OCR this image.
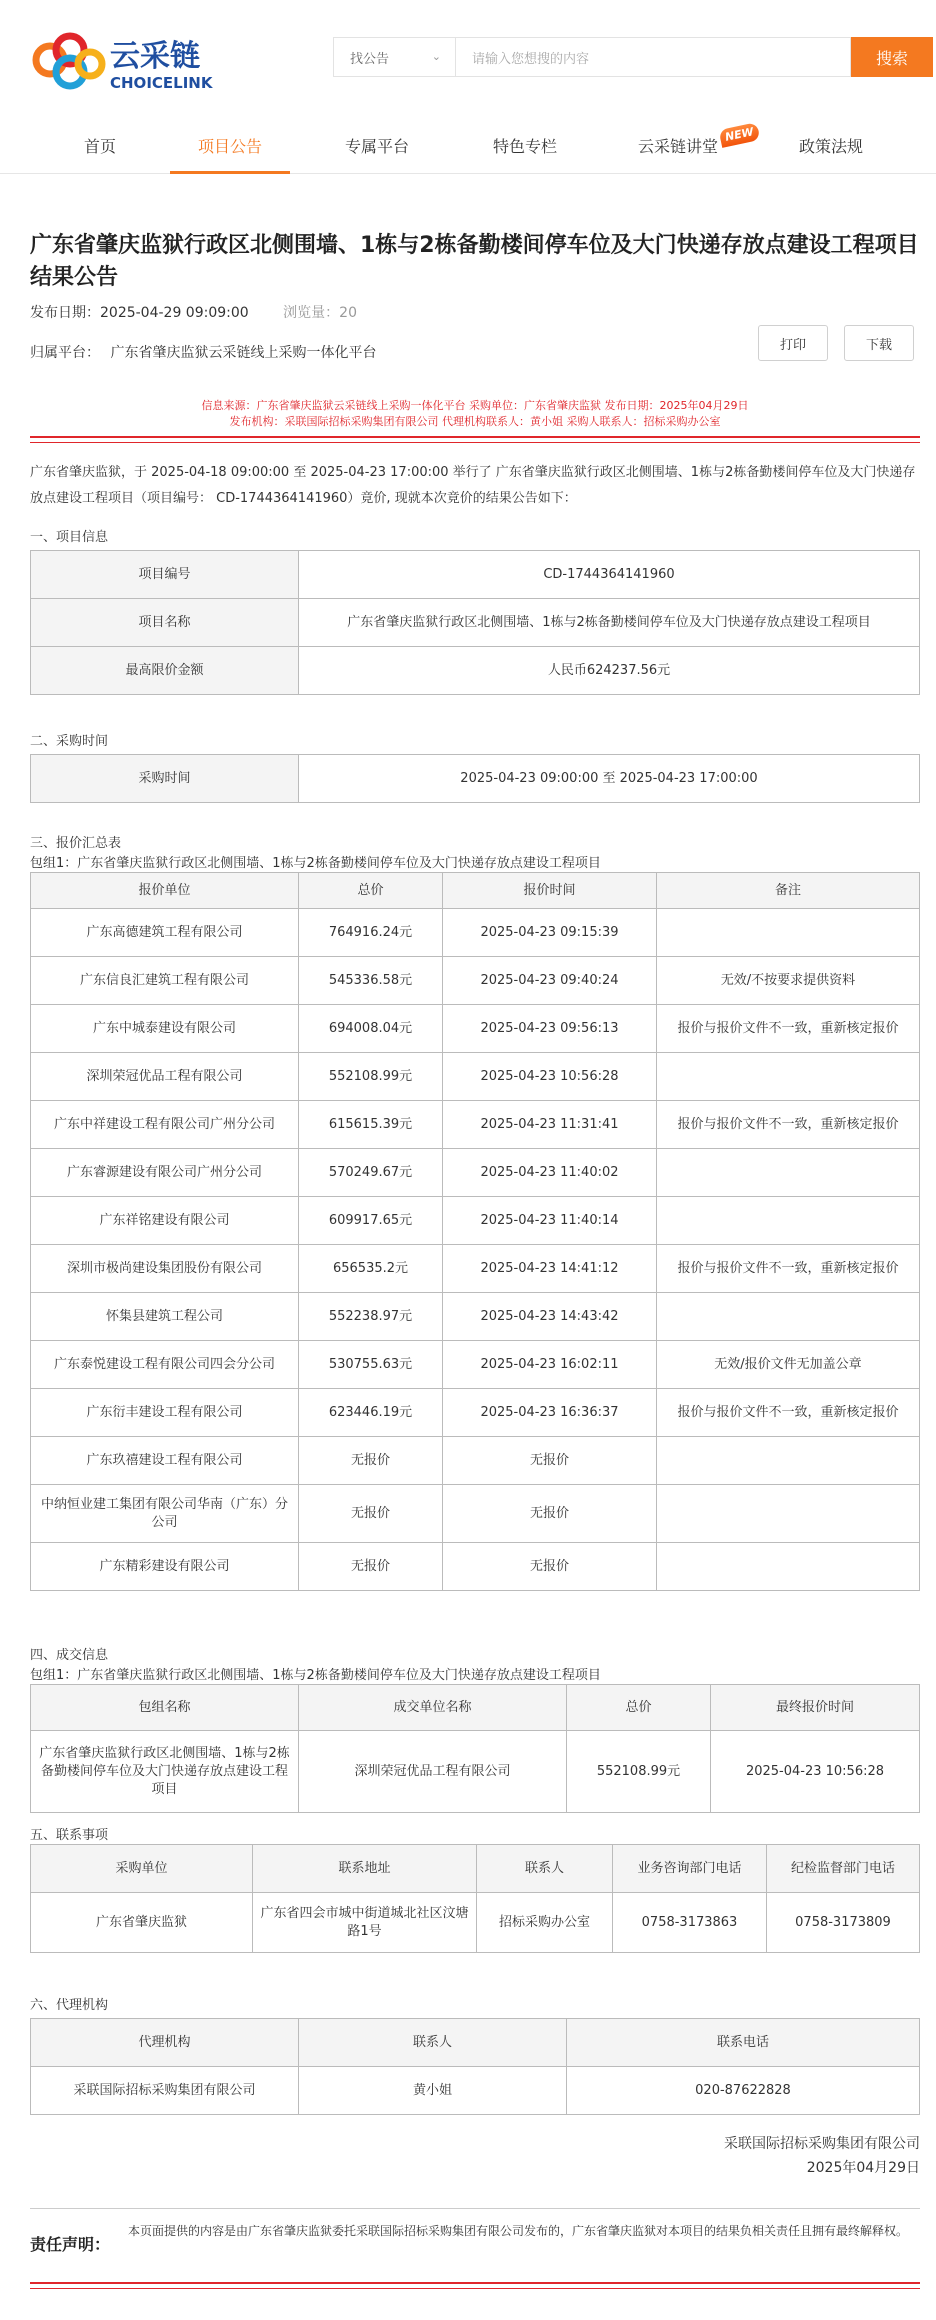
云采链
CHOICELINK
找公告	⌄ 请输入您想搜的内容	搜索
首页	项目公告	专属平台	特色专栏	云采链讲堂
NEW
政策法规
广东省肇庆监狱行政区北侧围墙、1栋与2栋备勤楼间停车位及大门快递存放点建设工程项目结果公告
发布日期：2025-04-29 09:09:00 浏览量：20
归属平台： 广东省肇庆监狱云采链线上采购一体化平台	打印	下载
信息来源：广东省肇庆监狱云采链线上采购一体化平台 采购单位：广东省肇庆监狱 发布日期：2025年04月29日
发布机构：采联国际招标采购集团有限公司 代理机构联系人：黄小姐 采购人联系人：招标采购办公室
广东省肇庆监狱，于 2025-04-18 09:00:00 至 2025-04-23 17:00:00 举行了 广东省肇庆监狱行政区北侧围墙、1栋与2栋备勤楼间停车位及大门快递存放点建设工程项目（项目编号： CD-1744364141960）竟价, 现就本次竟价的结果公告如下：
一、项目信息
项目编号	CD-1744364141960
项目名称	广东省肇庆监狱行政区北侧围墙、1栋与2栋备勤楼间停车位及大门快递存放点建设工程项目
最高限价金额	人民币624237.56元
二、采购时间
采购时间	2025-04-23 09:00:00 至 2025-04-23 17:00:00
三、报价汇总表
包组1：广东省肇庆监狱行政区北侧围墙、1栋与2栋备勤楼间停车位及大门快递存放点建设工程项目
报价单位	总价	报价时间	备注
广东高德建筑工程有限公司	764916.24元	2025-04-23 09:15:39	
广东信良汇建筑工程有限公司	545336.58元	2025-04-23 09:40:24	无效/不按要求提供资料
广东中城泰建设有限公司	694008.04元	2025-04-23 09:56:13	报价与报价文件不一致，重新核定报价
深圳荣冠优品工程有限公司	552108.99元	2025-04-23 10:56:28	
广东中祥建设工程有限公司广州分公司	615615.39元	2025-04-23 11:31:41	报价与报价文件不一致，重新核定报价
广东睿源建设有限公司广州分公司	570249.67元	2025-04-23 11:40:02	
广东祥铭建设有限公司	609917.65元	2025-04-23 11:40:14	
深圳市极尚建设集团股份有限公司	656535.2元	2025-04-23 14:41:12	报价与报价文件不一致，重新核定报价
怀集县建筑工程公司	552238.97元	2025-04-23 14:43:42	
广东泰悦建设工程有限公司四会分公司	530755.63元	2025-04-23 16:02:11	无效/报价文件无加盖公章
广东衍丰建设工程有限公司	623446.19元	2025-04-23 16:36:37	报价与报价文件不一致，重新核定报价
广东玖禧建设工程有限公司	无报价	无报价	
中纳恒业建工集团有限公司华南（广东）分公司	无报价	无报价	
广东精彩建设有限公司	无报价	无报价	
四、成交信息
包组1：广东省肇庆监狱行政区北侧围墙、1栋与2栋备勤楼间停车位及大门快递存放点建设工程项目
包组名称	成交单位名称	总价	最终报价时间
广东省肇庆监狱行政区北侧围墙、1栋与2栋备勤楼间停车位及大门快递存放点建设工程项目	深圳荣冠优品工程有限公司	552108.99元	2025-04-23 10:56:28
五、联系事项
采购单位	联系地址	联系人	业务咨询部门电话	纪检监督部门电话
广东省肇庆监狱	广东省四会市城中街道城北社区汶塘路1号	招标采购办公室	0758-3173863	0758-3173809
六、代理机构
代理机构	联系人	联系电话
采联国际招标采购集团有限公司	黄小姐	020-87622828
采联国际招标采购集团有限公司
2025年04月29日
责任声明：
本页面提供的内容是由广东省肇庆监狱委托采联国际招标采购集团有限公司发布的，广东省肇庆监狱对本项目的结果负相关责任且拥有最终解释权。
